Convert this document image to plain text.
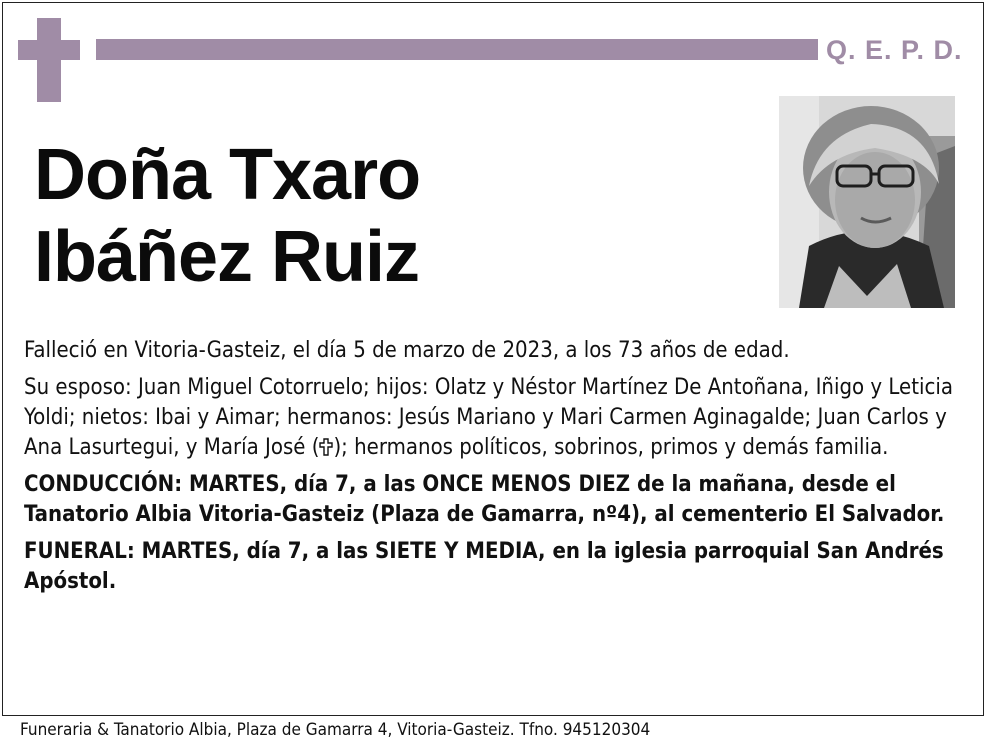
Q. E. P. D.
Doña Txaro
Ibáñez Ruiz

Falleció en Vitoria-Gasteiz, el día 5 de marzo de 2023, a los 73 años de edad.

Su esposo: Juan Miguel Cotorruelo; hijos: Olatz y Néstor Martínez De Antoñana, Iñigo y Leticia Yoldi; nietos: Ibai y Aimar; hermanos: Jesús Mariano y Mari Carmen Aginagalde; Juan Carlos y Ana Lasurtegui, y María José ( ); hermanos políticos, sobrinos, primos y demás familia.

CONDUCCIÓN: MARTES, día 7, a las ONCE MENOS DIEZ de la mañana, desde el Tanatorio Albia Vitoria-Gasteiz (Plaza de Gamarra, nº4), al cementerio El Salvador.

FUNERAL: MARTES, día 7, a las SIETE Y MEDIA, en la iglesia parroquial San Andrés Apóstol.

Funeraria & Tanatorio Albia, Plaza de Gamarra 4, Vitoria-Gasteiz. Tfno. 945120304
